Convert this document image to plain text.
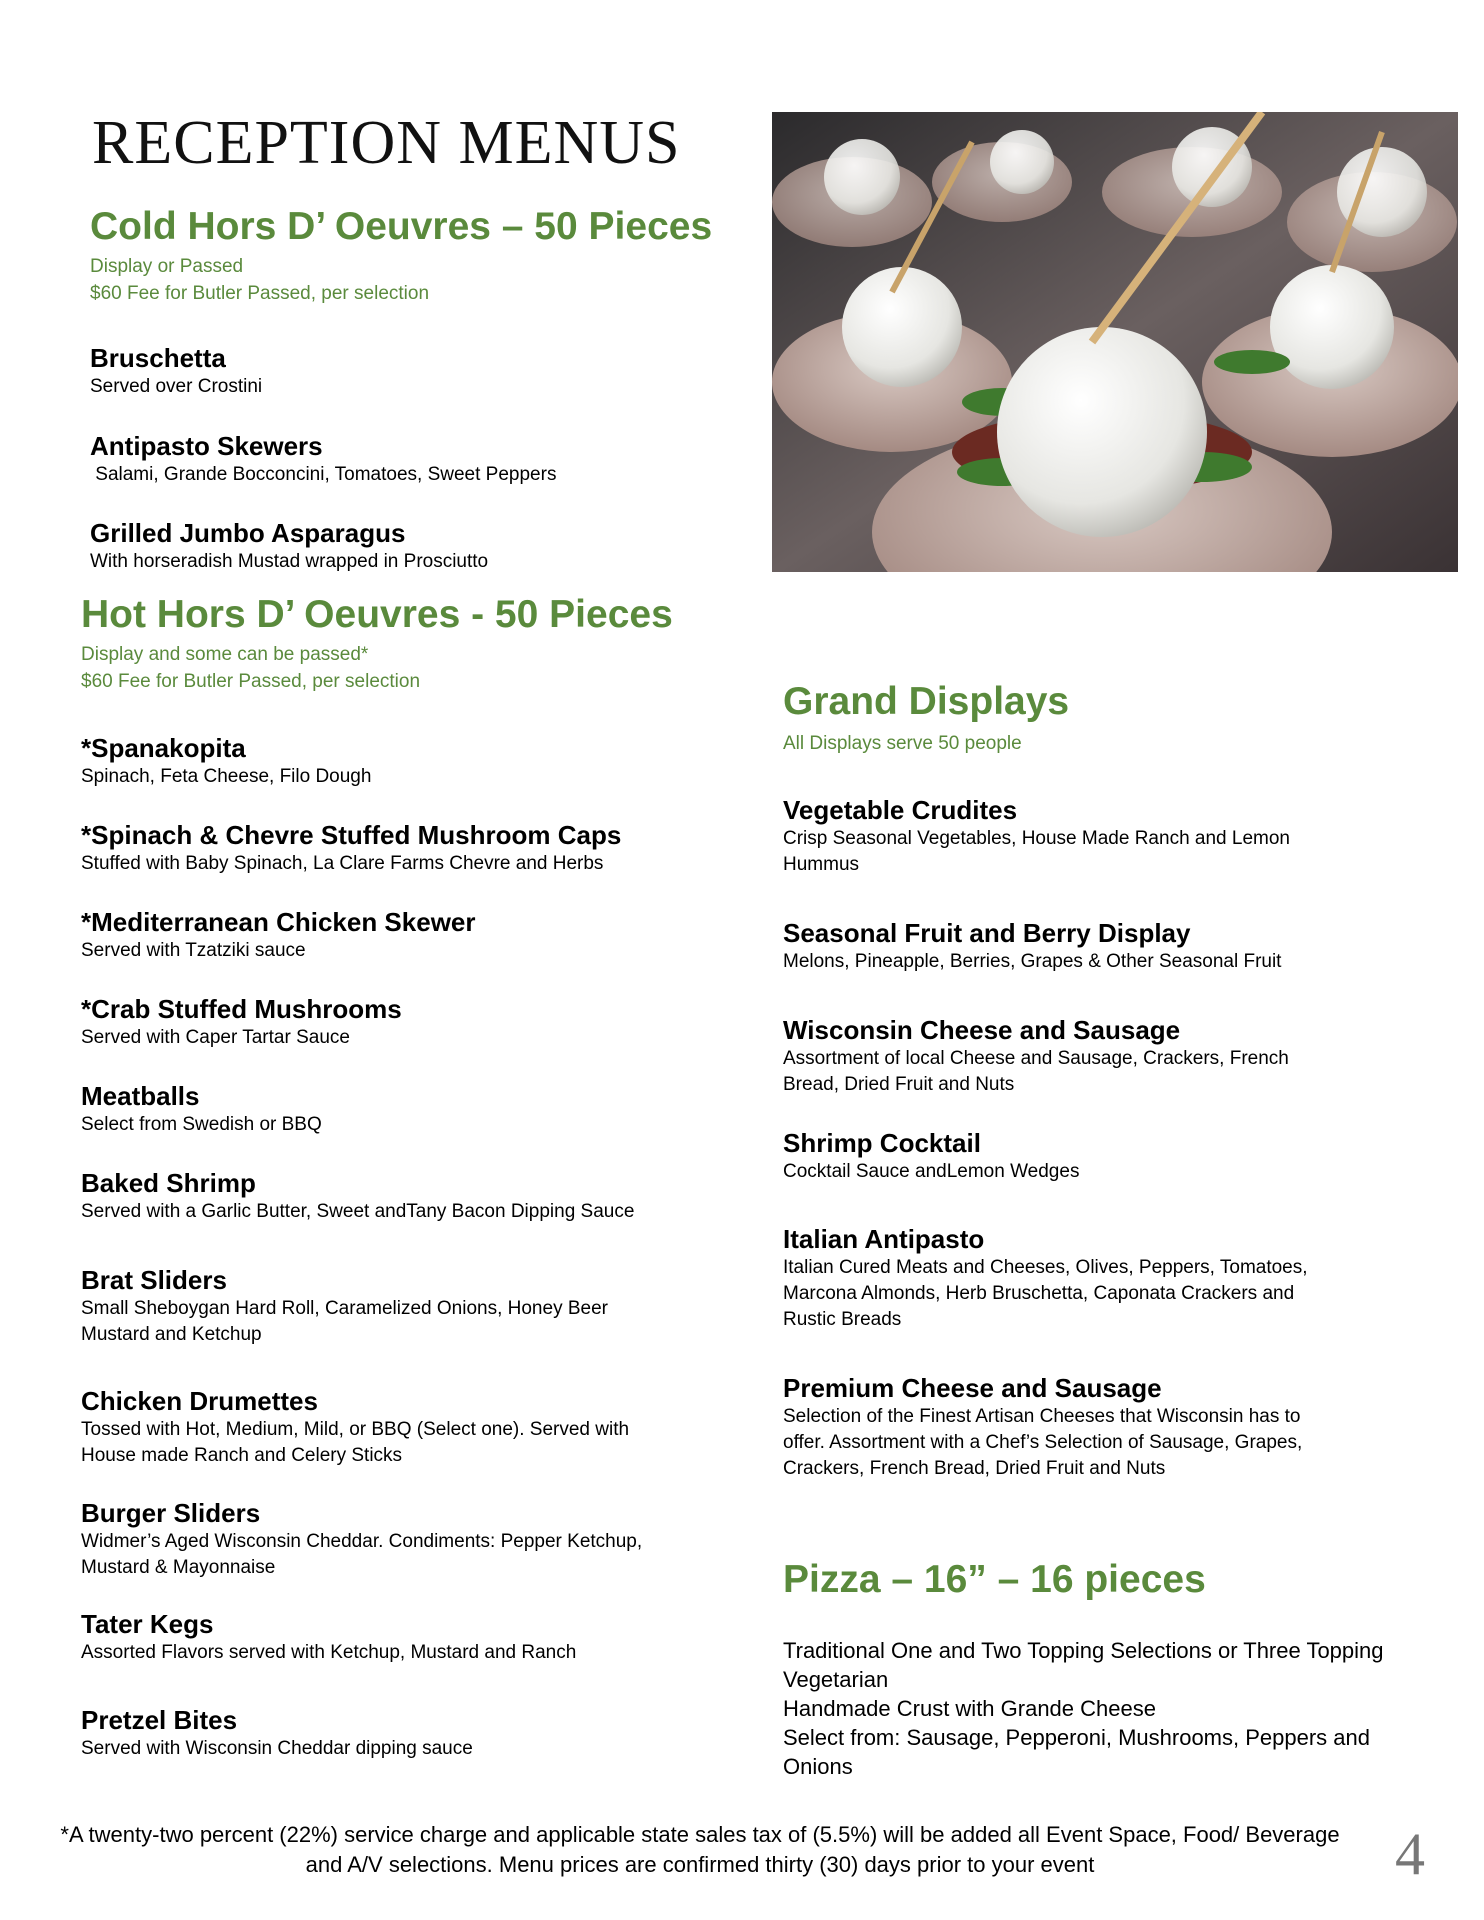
RECEPTION MENUS
Cold Hors D’ Oeuvres – 50 Pieces
Display or Passed
$60 Fee for Butler Passed, per selection
Bruschetta
Served over Crostini
Antipasto Skewers
Salami, Grande Bocconcini, Tomatoes, Sweet Peppers
Grilled Jumbo Asparagus
With horseradish Mustad wrapped in Prosciutto
Hot Hors D’ Oeuvres - 50 Pieces
Display and some can be passed*
$60 Fee for Butler Passed, per selection
*Spanakopita
Spinach, Feta Cheese, Filo Dough
*Spinach & Chevre Stuffed Mushroom Caps
Stuffed with Baby Spinach, La Clare Farms Chevre and Herbs
*Mediterranean Chicken Skewer
Served with Tzatziki sauce
*Crab Stuffed Mushrooms
Served with Caper Tartar Sauce
Meatballs
Select from Swedish or BBQ
Baked Shrimp
Served with a Garlic Butter, Sweet andTany Bacon Dipping Sauce
Brat Sliders
Small Sheboygan Hard Roll, Caramelized Onions, Honey Beer Mustard and Ketchup
Chicken Drumettes
Tossed with Hot, Medium, Mild, or BBQ (Select one). Served with House made Ranch and Celery Sticks
Burger Sliders
Widmer’s Aged Wisconsin Cheddar. Condiments: Pepper Ketchup, Mustard & Mayonnaise
Tater Kegs
Assorted Flavors served with Ketchup, Mustard and Ranch
Pretzel Bites
Served with Wisconsin Cheddar dipping sauce
Grand Displays
All Displays serve 50 people
Vegetable Crudites
Crisp Seasonal Vegetables, House Made Ranch and Lemon Hummus
Seasonal Fruit and Berry Display
Melons, Pineapple, Berries, Grapes & Other Seasonal Fruit
Wisconsin Cheese and Sausage
Assortment of local Cheese and Sausage, Crackers, French Bread, Dried Fruit and Nuts
Shrimp Cocktail
Cocktail Sauce andLemon Wedges
Italian Antipasto
Italian Cured Meats and Cheeses, Olives, Peppers, Tomatoes, Marcona Almonds, Herb Bruschetta, Caponata Crackers and Rustic Breads
Premium Cheese and Sausage
Selection of the Finest Artisan Cheeses that Wisconsin has to offer. Assortment with a Chef’s Selection of Sausage, Grapes, Crackers, French Bread, Dried Fruit and Nuts
Pizza – 16” – 16 pieces
Traditional One and Two Topping Selections or Three Topping Vegetarian
Handmade Crust with Grande Cheese
Select from: Sausage, Pepperoni, Mushrooms, Peppers and Onions
*A twenty-two percent (22%) service charge and applicable state sales tax of (5.5%) will be added all Event Space, Food/ Beverage and A/V selections. Menu prices are confirmed thirty (30) days prior to your event	4
